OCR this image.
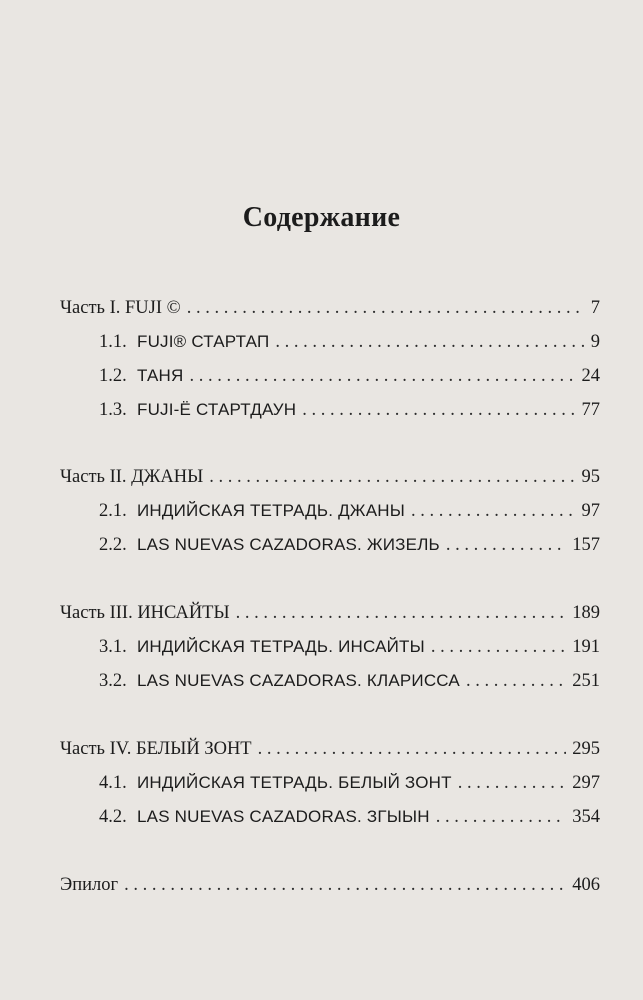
Содержание
Часть I. FUJI © . . .	7
1.1. FUJI® СТАРТАП . . .	9
1.2. ТАНЯ . . .	24
1.3. FUJI-Ё СТАРТДАУН . . .	77
Часть II. ДЖАНЫ . . .	95
2.1. ИНДИЙСКАЯ ТЕТРАДЬ. ДЖАНЫ . . .	97
2.2. LAS NUEVAS CAZADORAS. ЖИЗЕЛЬ . . .	157
Часть III. ИНСАЙТЫ . . .	189
3.1. ИНДИЙСКАЯ ТЕТРАДЬ. ИНСАЙТЫ . . .	191
3.2. LAS NUEVAS CAZADORAS. КЛАРИССА . . .	251
Часть IV. БЕЛЫЙ ЗОНТ . . .	295
4.1. ИНДИЙСКАЯ ТЕТРАДЬ. БЕЛЫЙ ЗОНТ . . .	297
4.2. LAS NUEVAS CAZADORAS. ЗГЫЫН . . .	354
Эпилог . . .	406
